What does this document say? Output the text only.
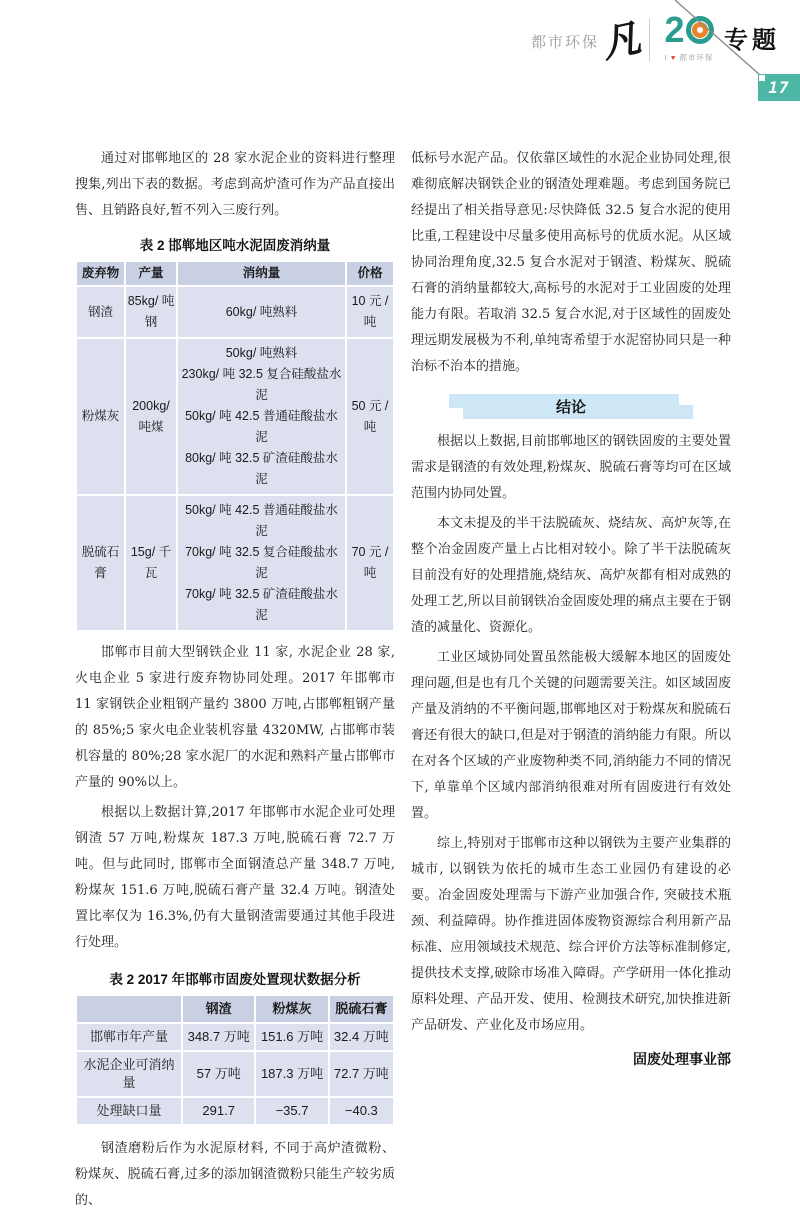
都市环保
凡 2
I ♥ 都市环保
专题
17

通过对邯郸地区的 28 家水泥企业的资料进行整理搜集,列出下表的数据。考虑到高炉渣可作为产品直接出售、且销路良好,暂不列入三废行列。

表 2 邯郸地区吨水泥固废消纳量
废弃物	产量	消纳量	价格
钢渣	85kg/ 吨钢	60kg/ 吨熟料	10 元 / 吨
粉煤灰	200kg/ 吨煤	50kg/ 吨熟料
230kg/ 吨 32.5 复合硅酸盐水泥
50kg/ 吨 42.5 普通硅酸盐水泥
80kg/ 吨 32.5 矿渣硅酸盐水泥	50 元 / 吨
脱硫石膏	15g/ 千瓦	50kg/ 吨 42.5 普通硅酸盐水泥
70kg/ 吨 32.5 复合硅酸盐水泥
70kg/ 吨 32.5 矿渣硅酸盐水泥	70 元 / 吨

邯郸市目前大型钢铁企业 11 家, 水泥企业 28 家,火电企业 5 家进行废弃物协同处理。2017 年邯郸市 11 家钢铁企业粗钢产量约 3800 万吨,占邯郸粗钢产量的 85%;5 家火电企业装机容量 4320MW, 占邯郸市装机容量的 80%;28 家水泥厂的水泥和熟料产量占邯郸市产量的 90%以上。

根据以上数据计算,2017 年邯郸市水泥企业可处理钢渣 57 万吨,粉煤灰 187.3 万吨,脱硫石膏 72.7 万吨。但与此同时, 邯郸市全面钢渣总产量 348.7 万吨, 粉煤灰 151.6 万吨,脱硫石膏产量 32.4 万吨。钢渣处置比率仅为 16.3%,仍有大量钢渣需要通过其他手段进行处理。

表 2 2017 年邯郸市固废处置现状数据分析
	钢渣	粉煤灰	脱硫石膏
邯郸市年产量	348.7 万吨	151.6 万吨	32.4 万吨
水泥企业可消纳量	57 万吨	187.3 万吨	72.7 万吨
处理缺口量	291.7	−35.7	−40.3

钢渣磨粉后作为水泥原材料, 不同于高炉渣微粉、粉煤灰、脱硫石膏,过多的添加钢渣微粉只能生产较劣质的、

低标号水泥产品。仅依靠区域性的水泥企业协同处理,很难彻底解决钢铁企业的钢渣处理难题。考虑到国务院已经提出了相关指导意见:尽快降低 32.5 复合水泥的使用比重,工程建设中尽量多使用高标号的优质水泥。从区域协同治理角度,32.5 复合水泥对于钢渣、粉煤灰、脱硫石膏的消纳量都较大,高标号的水泥对于工业固废的处理能力有限。若取消 32.5 复合水泥,对于区域性的固废处理远期发展极为不利,单纯寄希望于水泥窑协同只是一种治标不治本的措施。

结论

根据以上数据,目前邯郸地区的钢铁固废的主要处置需求是钢渣的有效处理,粉煤灰、脱硫石膏等均可在区域范围内协同处置。

本文未提及的半干法脱硫灰、烧结灰、高炉灰等,在整个冶金固废产量上占比相对较小。除了半干法脱硫灰目前没有好的处理措施,烧结灰、高炉灰都有相对成熟的处理工艺,所以目前钢铁冶金固废处理的痛点主要在于钢渣的减量化、资源化。

工业区域协同处置虽然能极大缓解本地区的固废处理问题,但是也有几个关键的问题需要关注。如区域固废产量及消纳的不平衡问题,邯郸地区对于粉煤灰和脱硫石膏还有很大的缺口,但是对于钢渣的消纳能力有限。所以在对各个区域的产业废物种类不同,消纳能力不同的情况下, 单靠单个区域内部消纳很难对所有固废进行有效处置。

综上,特别对于邯郸市这种以钢铁为主要产业集群的城市, 以钢铁为依托的城市生态工业园仍有建设的必要。冶金固废处理需与下游产业加强合作, 突破技术瓶颈、利益障碍。协作推进固体废物资源综合利用新产品标准、应用领域技术规范、综合评价方法等标准制修定,提供技术支撑,破除市场准入障碍。产学研用一体化推动原料处理、产品开发、使用、检测技术研究,加快推进新产品研发、产业化及市场应用。

固废处理事业部
